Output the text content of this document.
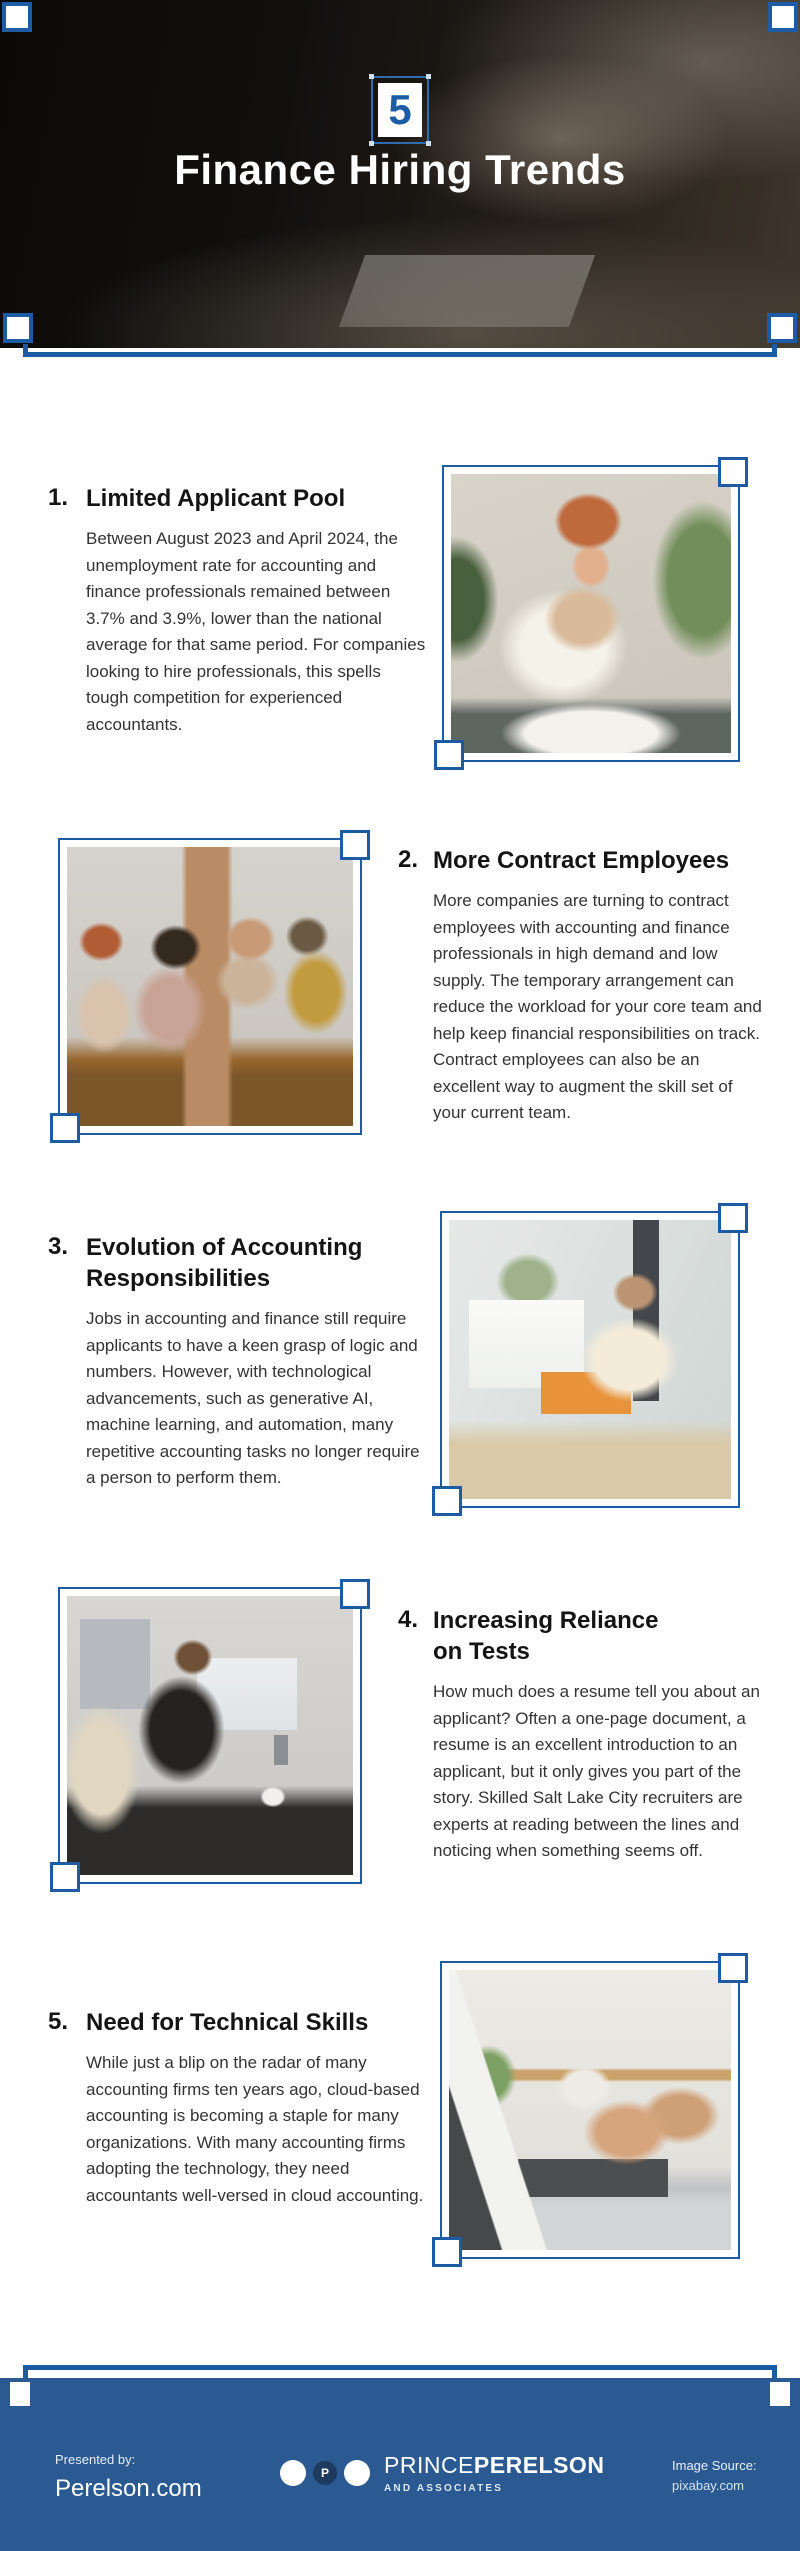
5
Finance Hiring Trends
1. Limited Applicant Pool
Between August 2023 and April 2024, the unemployment rate for accounting and finance professionals remained between 3.7% and 3.9%, lower than the national average for that same period. For companies looking to hire professionals, this spells tough competition for experienced accountants.
2. More Contract Employees
More companies are turning to contract employees with accounting and finance professionals in high demand and low supply. The temporary arrangement can reduce the workload for your core team and help keep financial responsibilities on track. Contract employees can also be an excellent way to augment the skill set of your current team.
3. Evolution of Accounting Responsibilities
Jobs in accounting and finance still require applicants to have a keen grasp of logic and numbers. However, with technological advancements, such as generative AI, machine learning, and automation, many repetitive accounting tasks no longer require a person to perform them.
4. Increasing Reliance on Tests
How much does a resume tell you about an applicant? Often a one-page document, a resume is an excellent introduction to an applicant, but it only gives you part of the story. Skilled Salt Lake City recruiters are experts at reading between the lines and noticing when something seems off.
5. Need for Technical Skills
While just a blip on the radar of many accounting firms ten years ago, cloud-based accounting is becoming a staple for many organizations. With many accounting firms adopting the technology, they need accountants well-versed in cloud accounting.
Presented by:
Perelson.com
P	PRINCEPERELSON
AND ASSOCIATES
Image Source:
pixabay.com
